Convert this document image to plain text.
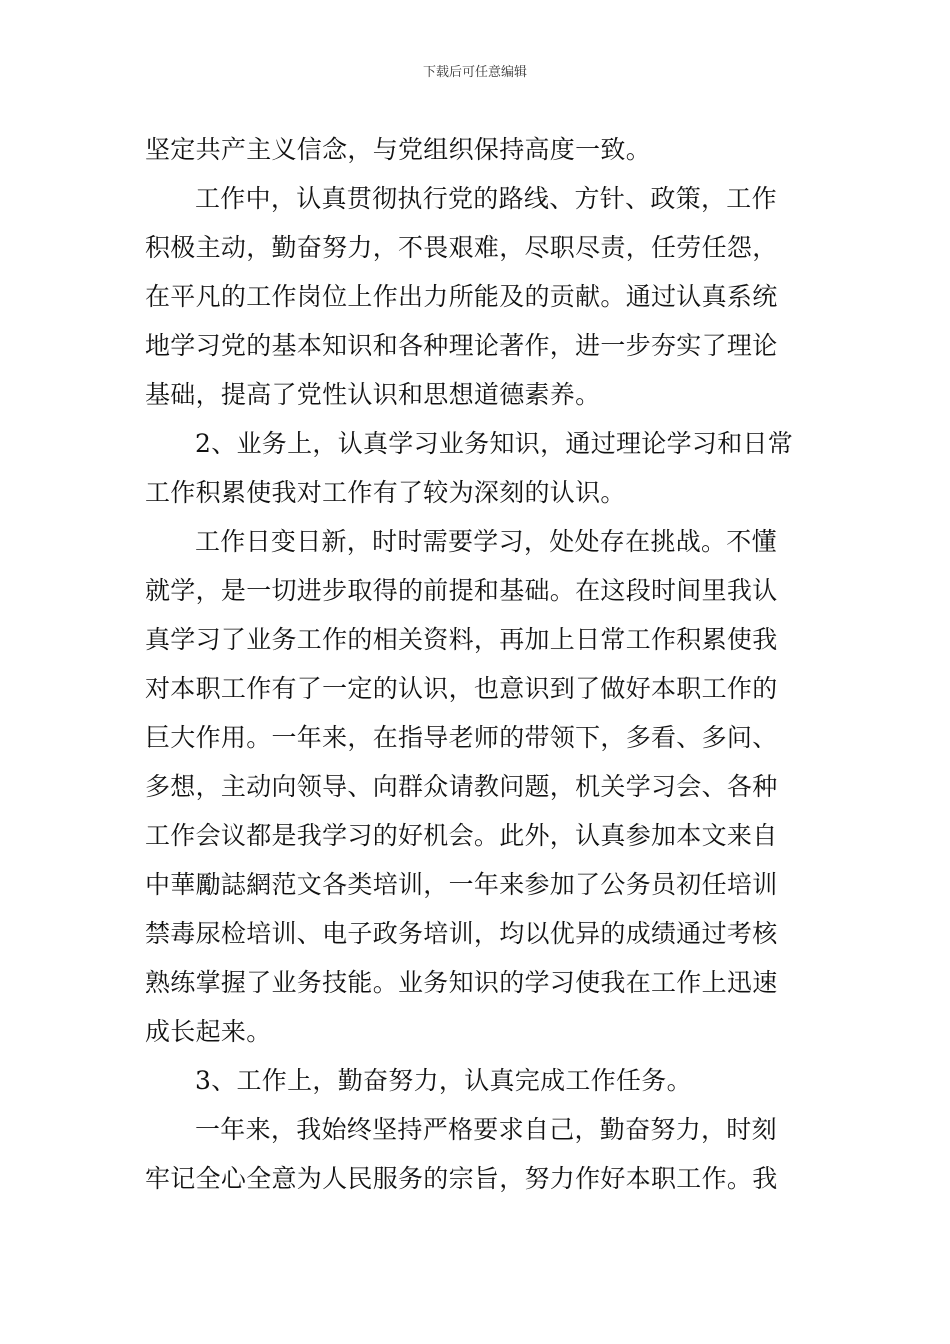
下载后可任意编辑
坚定共产主义信念，与党组织保持高度一致。
工作中，认真贯彻执行党的路线、方针、政策，工作
积极主动，勤奋努力，不畏艰难，尽职尽责，任劳任怨，
在平凡的工作岗位上作出力所能及的贡献。通过认真系统
地学习党的基本知识和各种理论著作，进一步夯实了理论
基础，提高了党性认识和思想道德素养。
2、业务上，认真学习业务知识，通过理论学习和日常
工作积累使我对工作有了较为深刻的认识。
工作日变日新，时时需要学习，处处存在挑战。不懂
就学，是一切进步取得的前提和基础。在这段时间里我认
真学习了业务工作的相关资料，再加上日常工作积累使我
对本职工作有了一定的认识，也意识到了做好本职工作的
巨大作用。一年来，在指导老师的带领下，多看、多问、
多想，主动向领导、向群众请教问题，机关学习会、各种
工作会议都是我学习的好机会。此外，认真参加本文来自
中華勵誌網范文各类培训，一年来参加了公务员初任培训
禁毒尿检培训、电子政务培训，均以优异的成绩通过考核
熟练掌握了业务技能。业务知识的学习使我在工作上迅速
成长起来。
3、工作上，勤奋努力，认真完成工作任务。
一年来，我始终坚持严格要求自己，勤奋努力，时刻
牢记全心全意为人民服务的宗旨，努力作好本职工作。我
